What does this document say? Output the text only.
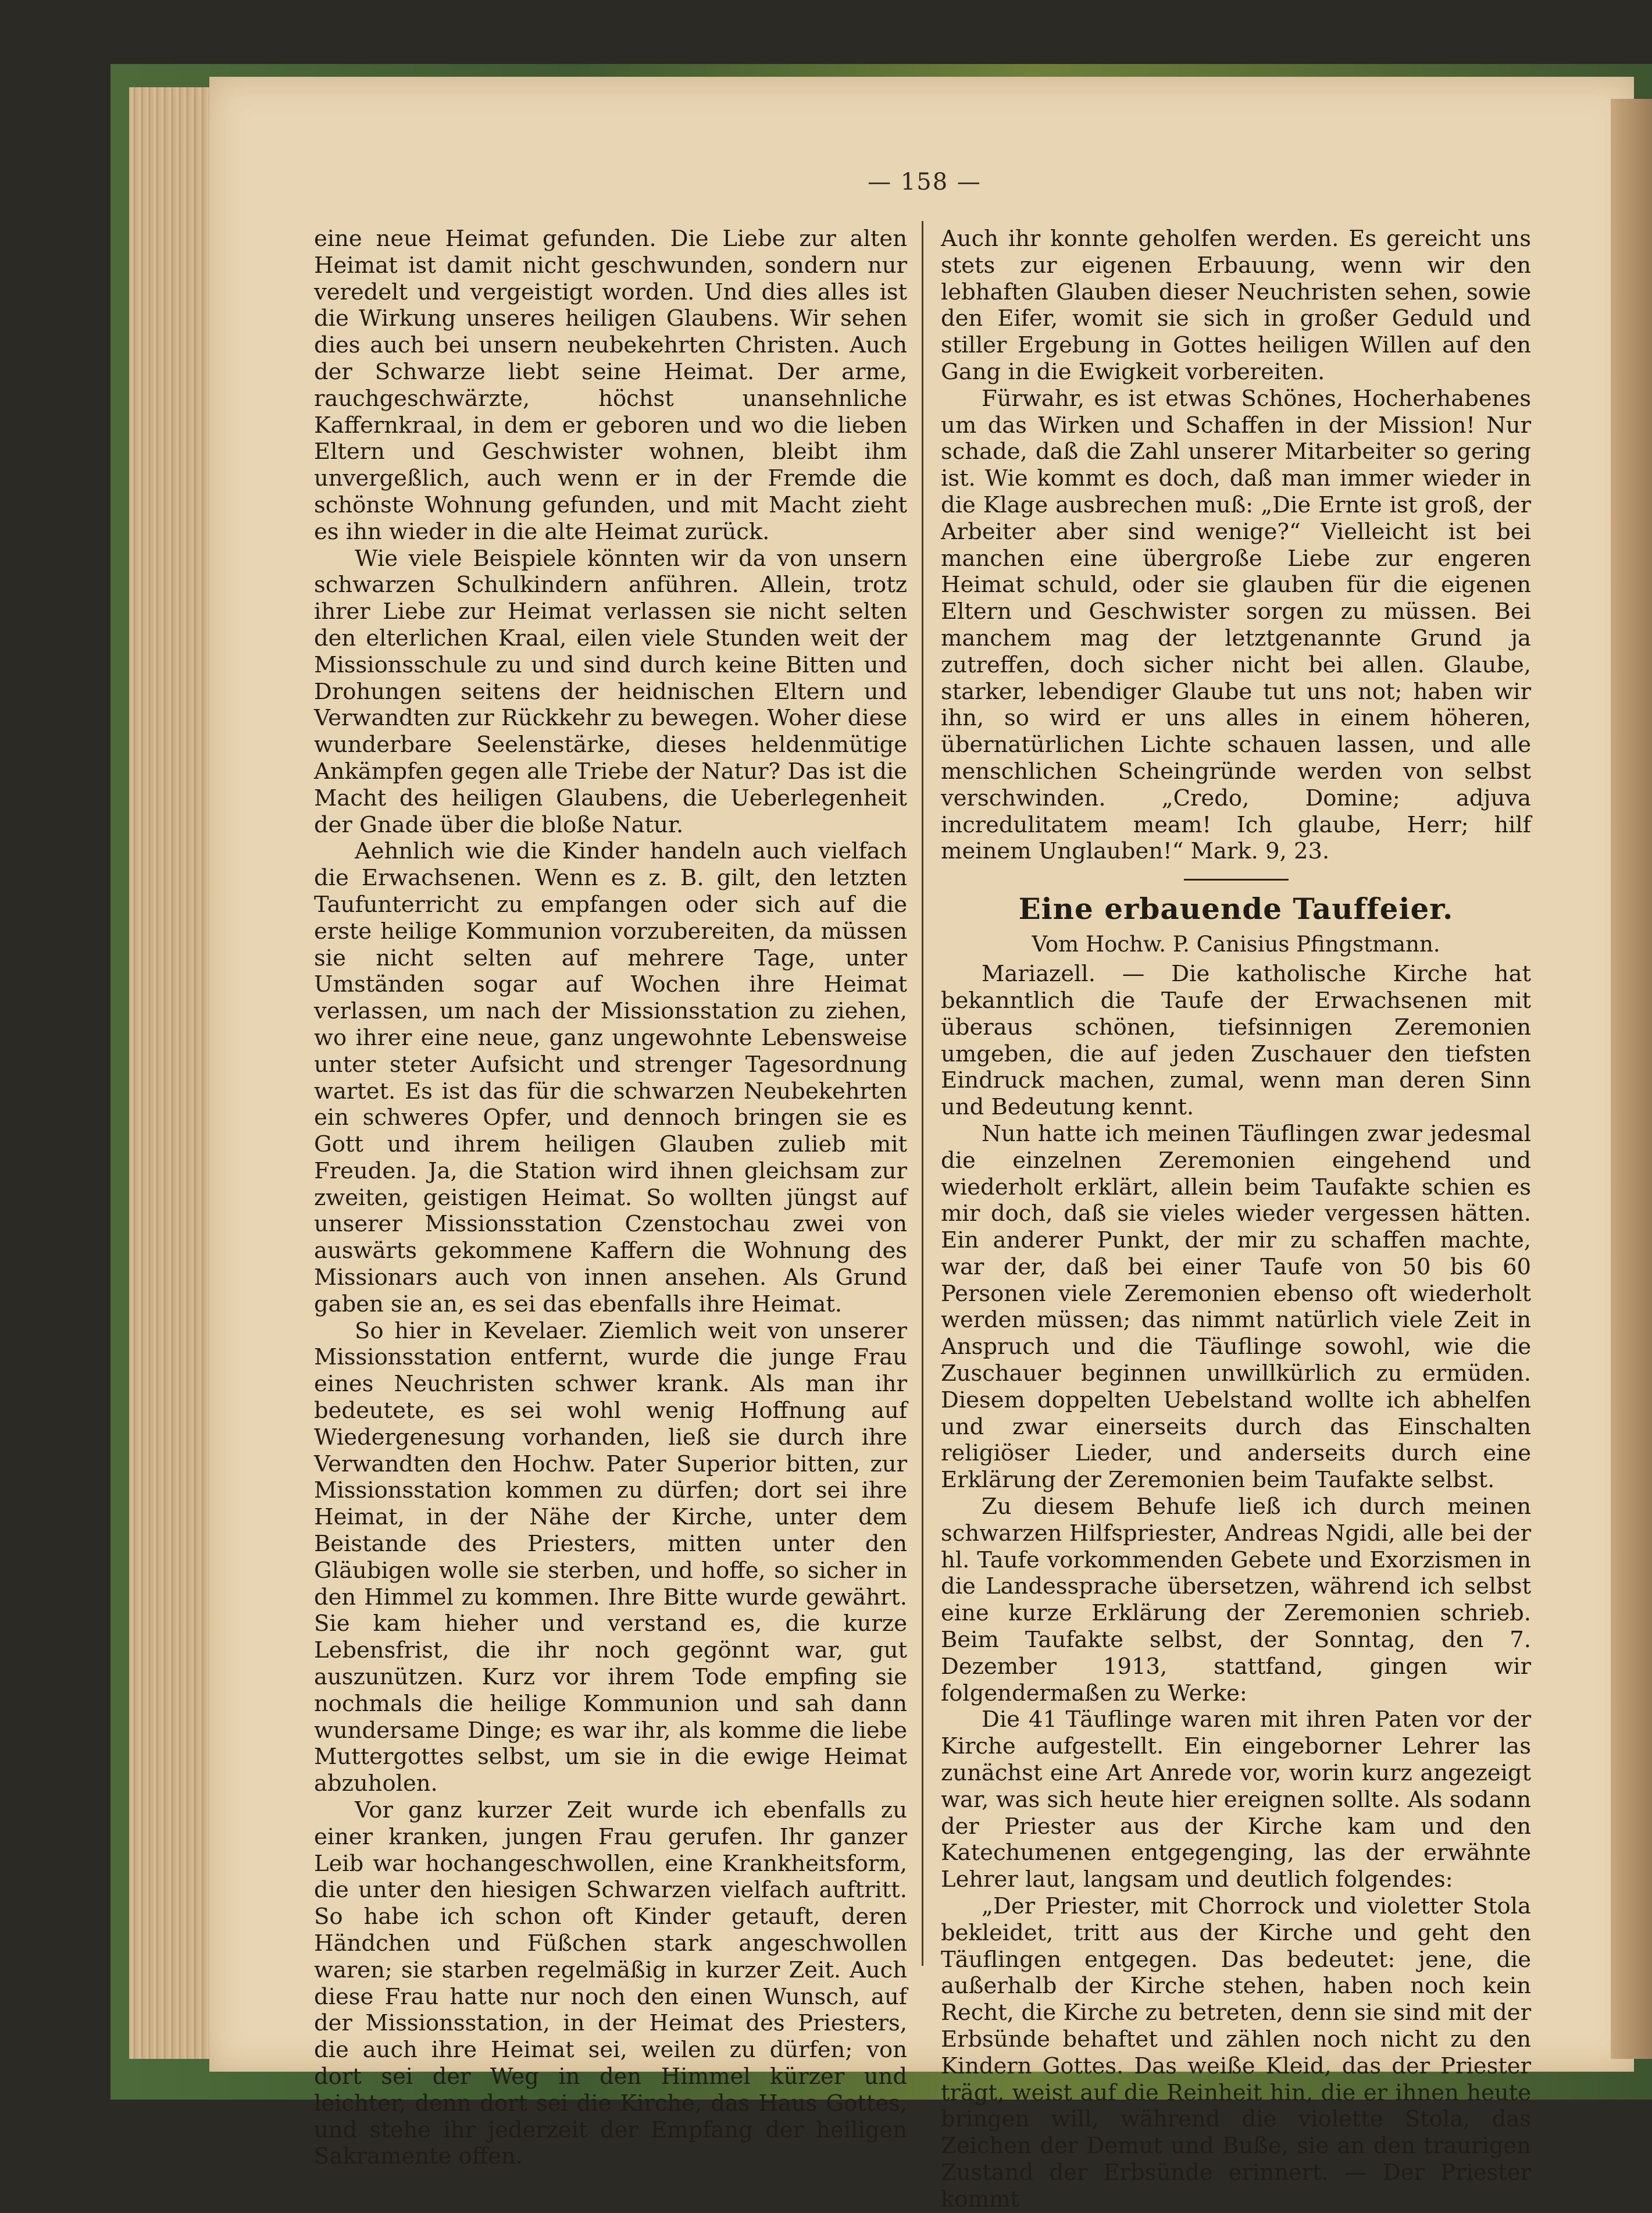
— 158 —

eine neue Heimat gefunden. Die Liebe zur alten Heimat ist damit nicht geschwunden, sondern nur veredelt und vergeistigt worden. Und dies alles ist die Wirkung unseres heiligen Glaubens. Wir sehen dies auch bei unsern neubekehrten Christen. Auch der Schwarze liebt seine Heimat. Der arme, rauchgeschwärzte, höchst unansehnliche Kaffernkraal, in dem er geboren und wo die lieben Eltern und Geschwister wohnen, bleibt ihm unvergeßlich, auch wenn er in der Fremde die schönste Wohnung gefunden, und mit Macht zieht es ihn wieder in die alte Heimat zurück.

Wie viele Beispiele könnten wir da von unsern schwarzen Schulkindern anführen. Allein, trotz ihrer Liebe zur Heimat verlassen sie nicht selten den elterlichen Kraal, eilen viele Stunden weit der Missionsschule zu und sind durch keine Bitten und Drohungen seitens der heidnischen Eltern und Verwandten zur Rückkehr zu bewegen. Woher diese wunderbare Seelenstärke, dieses heldenmütige Ankämpfen gegen alle Triebe der Natur? Das ist die Macht des heiligen Glaubens, die Ueberlegenheit der Gnade über die bloße Natur.

Aehnlich wie die Kinder handeln auch vielfach die Erwachsenen. Wenn es z. B. gilt, den letzten Taufunterricht zu empfangen oder sich auf die erste heilige Kommunion vorzubereiten, da müssen sie nicht selten auf mehrere Tage, unter Umständen sogar auf Wochen ihre Heimat verlassen, um nach der Missionsstation zu ziehen, wo ihrer eine neue, ganz ungewohnte Lebensweise unter steter Aufsicht und strenger Tagesordnung wartet. Es ist das für die schwarzen Neubekehrten ein schweres Opfer, und dennoch bringen sie es Gott und ihrem heiligen Glauben zulieb mit Freuden. Ja, die Station wird ihnen gleichsam zur zweiten, geistigen Heimat. So wollten jüngst auf unserer Missionsstation Czenstochau zwei von auswärts gekommene Kaffern die Wohnung des Missionars auch von innen ansehen. Als Grund gaben sie an, es sei das ebenfalls ihre Heimat.

So hier in Kevelaer. Ziemlich weit von unserer Missionsstation entfernt, wurde die junge Frau eines Neuchristen schwer krank. Als man ihr bedeutete, es sei wohl wenig Hoffnung auf Wiedergenesung vorhanden, ließ sie durch ihre Verwandten den Hochw. Pater Superior bitten, zur Missionsstation kommen zu dürfen; dort sei ihre Heimat, in der Nähe der Kirche, unter dem Beistande des Priesters, mitten unter den Gläubigen wolle sie sterben, und hoffe, so sicher in den Himmel zu kommen. Ihre Bitte wurde gewährt. Sie kam hieher und verstand es, die kurze Lebensfrist, die ihr noch gegönnt war, gut auszunützen. Kurz vor ihrem Tode empfing sie nochmals die heilige Kommunion und sah dann wundersame Dinge; es war ihr, als komme die liebe Muttergottes selbst, um sie in die ewige Heimat abzuholen.

Vor ganz kurzer Zeit wurde ich ebenfalls zu einer kranken, jungen Frau gerufen. Ihr ganzer Leib war hochangeschwollen, eine Krankheitsform, die unter den hiesigen Schwarzen vielfach auftritt. So habe ich schon oft Kinder getauft, deren Händchen und Füßchen stark angeschwollen waren; sie starben regelmäßig in kurzer Zeit. Auch diese Frau hatte nur noch den einen Wunsch, auf der Missionsstation, in der Heimat des Priesters, die auch ihre Heimat sei, weilen zu dürfen; von dort sei der Weg in den Himmel kürzer und leichter, denn dort sei die Kirche, das Haus Gottes, und stehe ihr jederzeit der Empfang der heiligen Sakramente offen.

Auch ihr konnte geholfen werden. Es gereicht uns stets zur eigenen Erbauung, wenn wir den lebhaften Glauben dieser Neuchristen sehen, sowie den Eifer, womit sie sich in großer Geduld und stiller Ergebung in Gottes heiligen Willen auf den Gang in die Ewigkeit vorbereiten.

Fürwahr, es ist etwas Schönes, Hocherhabenes um das Wirken und Schaffen in der Mission! Nur schade, daß die Zahl unserer Mitarbeiter so gering ist. Wie kommt es doch, daß man immer wieder in die Klage ausbrechen muß: „Die Ernte ist groß, der Arbeiter aber sind wenige?“ Vielleicht ist bei manchen eine übergroße Liebe zur engeren Heimat schuld, oder sie glauben für die eigenen Eltern und Geschwister sorgen zu müssen. Bei manchem mag der letztgenannte Grund ja zutreffen, doch sicher nicht bei allen. Glaube, starker, lebendiger Glaube tut uns not; haben wir ihn, so wird er uns alles in einem höheren, übernatürlichen Lichte schauen lassen, und alle menschlichen Scheingründe werden von selbst verschwinden. „Credo, Domine; adjuva incredulitatem meam! Ich glaube, Herr; hilf meinem Unglauben!“ Mark. 9, 23.

Eine erbauende Tauffeier.
Vom Hochw. P. Canisius Pfingstmann.

Mariazell. — Die katholische Kirche hat bekanntlich die Taufe der Erwachsenen mit überaus schönen, tiefsinnigen Zeremonien umgeben, die auf jeden Zuschauer den tiefsten Eindruck machen, zumal, wenn man deren Sinn und Bedeutung kennt.

Nun hatte ich meinen Täuflingen zwar jedesmal die einzelnen Zeremonien eingehend und wiederholt erklärt, allein beim Taufakte schien es mir doch, daß sie vieles wieder vergessen hätten. Ein anderer Punkt, der mir zu schaffen machte, war der, daß bei einer Taufe von 50 bis 60 Personen viele Zeremonien ebenso oft wiederholt werden müssen; das nimmt natürlich viele Zeit in Anspruch und die Täuflinge sowohl, wie die Zuschauer beginnen unwillkürlich zu ermüden. Diesem doppelten Uebelstand wollte ich abhelfen und zwar einerseits durch das Einschalten religiöser Lieder, und anderseits durch eine Erklärung der Zeremonien beim Taufakte selbst.

Zu diesem Behufe ließ ich durch meinen schwarzen Hilfspriester, Andreas Ngidi, alle bei der hl. Taufe vorkommenden Gebete und Exorzismen in die Landessprache übersetzen, während ich selbst eine kurze Erklärung der Zeremonien schrieb. Beim Taufakte selbst, der Sonntag, den 7. Dezember 1913, stattfand, gingen wir folgendermaßen zu Werke:

Die 41 Täuflinge waren mit ihren Paten vor der Kirche aufgestellt. Ein eingeborner Lehrer las zunächst eine Art Anrede vor, worin kurz angezeigt war, was sich heute hier ereignen sollte. Als sodann der Priester aus der Kirche kam und den Katechumenen entgegenging, las der erwähnte Lehrer laut, langsam und deutlich folgendes:

„Der Priester, mit Chorrock und violetter Stola bekleidet, tritt aus der Kirche und geht den Täuflingen entgegen. Das bedeutet: jene, die außerhalb der Kirche stehen, haben noch kein Recht, die Kirche zu betreten, denn sie sind mit der Erbsünde behaftet und zählen noch nicht zu den Kindern Gottes. Das weiße Kleid, das der Priester trägt, weist auf die Reinheit hin, die er ihnen heute bringen will, während die violette Stola, das Zeichen der Demut und Buße, sie an den traurigen Zustand der Erbsünde erinnert. — Der Priester kommt
